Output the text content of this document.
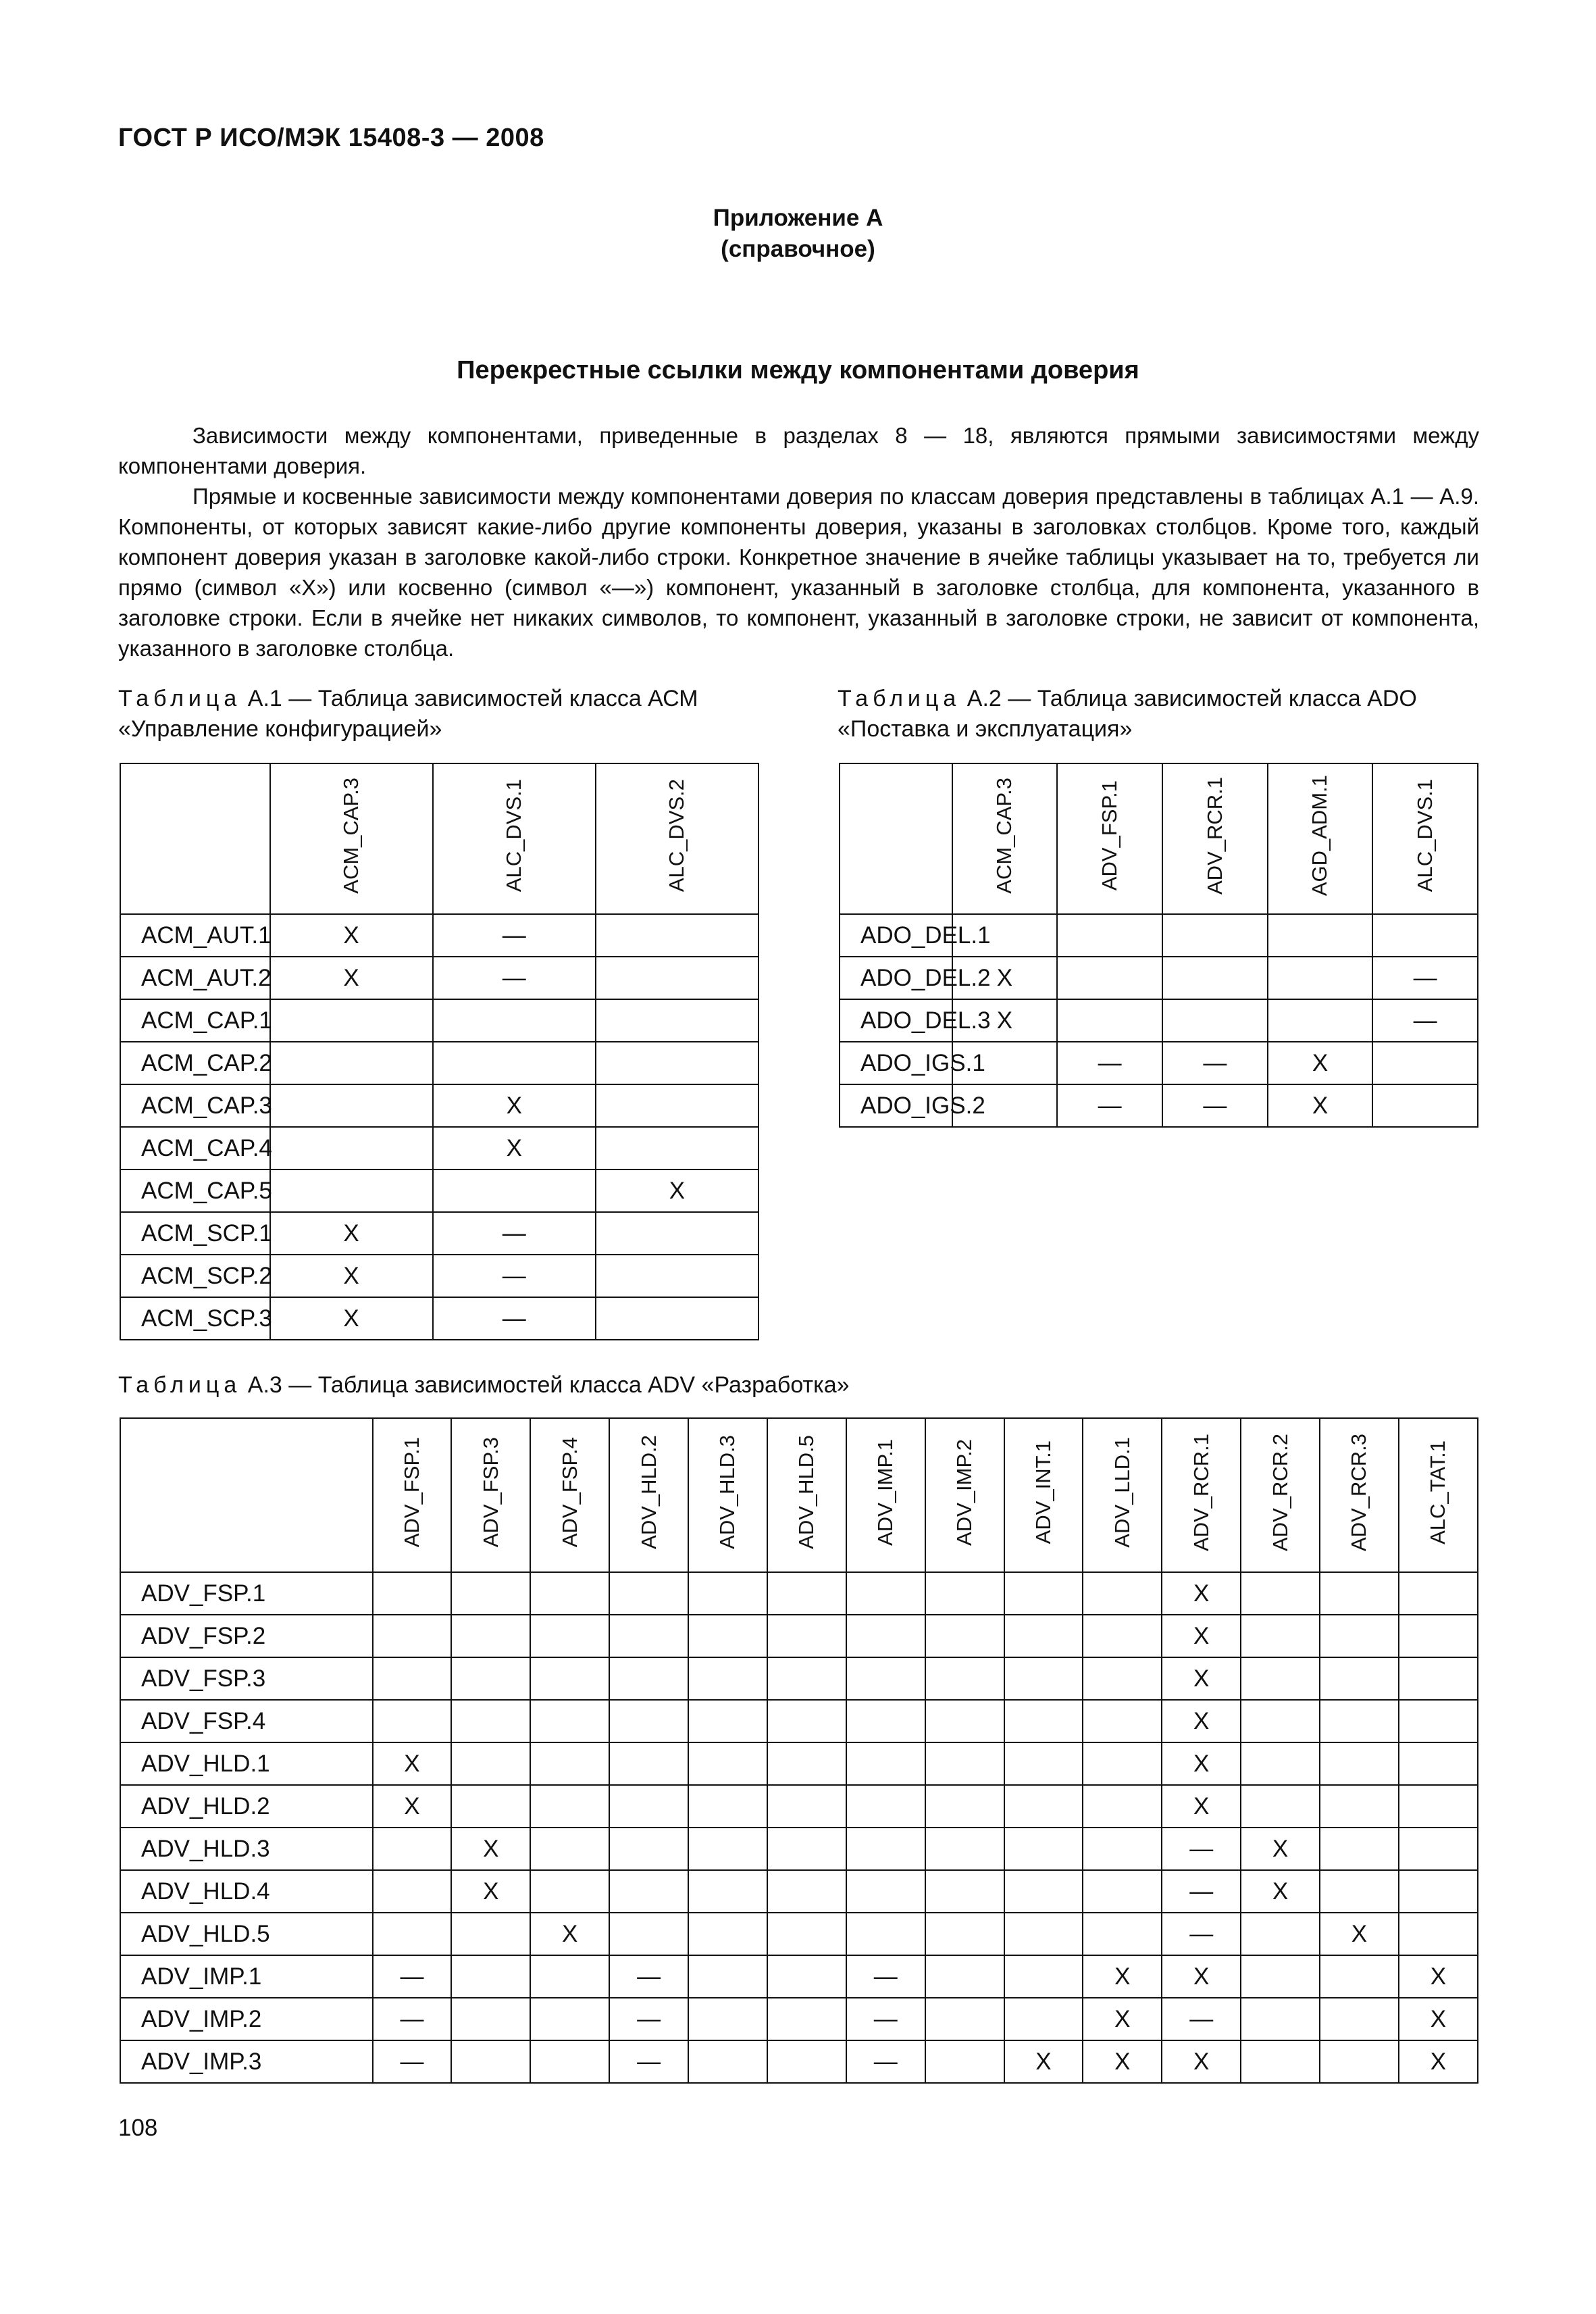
ГОСТ Р ИСО/МЭК 15408-3 — 2008
Приложение А
(справочное)
Перекрестные ссылки между компонентами доверия

Зависимости между компонентами, приведенные в разделах 8 — 18, являются прямыми зависимостями между компонентами доверия.

Прямые и косвенные зависимости между компонентами доверия по классам доверия представлены в таблицах А.1 — А.9. Компоненты, от которых зависят какие-либо другие компоненты доверия, указаны в заголовках столбцов. Кроме того, каждый компонент доверия указан в заголовке какой-либо строки. Конкретное значение в ячейке таблицы указывает на то, требуется ли прямо (символ «X») или косвенно (символ «—») компонент, указанный в заголовке столбца, для компонента, указанного в заголовке строки. Если в ячейке нет никаких символов, то компонент, указанный в заголовке строки, не зависит от компонента, указанного в заголовке столбца.

Таблица А.1 — Таблица зависимостей класса АСМ «Управление конфигурацией»
Таблица А.2 — Таблица зависимостей класса ADO «Поставка и эксплуатация»
	ACM_CAP.3	ALC_DVS.1	ALC_DVS.2
ACM_AUT.1	X	—	
ACM_AUT.2	X	—	
ACM_CAP.1			
ACM_CAP.2			
ACM_CAP.3		X	
ACM_CAP.4		X	
ACM_CAP.5			X
ACM_SCP.1	X	—	
ACM_SCP.2	X	—	
ACM_SCP.3	X	—	
	ACM_CAP.3	ADV_FSP.1	ADV_RCR.1	AGD_ADM.1	ALC_DVS.1
ADO_DEL.1					
ADO_DEL.2	X				—
ADO_DEL.3	X				—
ADO_IGS.1		—	—	X	
ADO_IGS.2		—	—	X	
Таблица А.3 — Таблица зависимостей класса ADV «Разработка»
	ADV_FSP.1	ADV_FSP.3	ADV_FSP.4	ADV_HLD.2	ADV_HLD.3	ADV_HLD.5	ADV_IMP.1	ADV_IMP.2	ADV_INT.1	ADV_LLD.1	ADV_RCR.1	ADV_RCR.2	ADV_RCR.3	ALC_TAT.1
ADV_FSP.1											X			
ADV_FSP.2											X			
ADV_FSP.3											X			
ADV_FSP.4											X			
ADV_HLD.1	X										X			
ADV_HLD.2	X										X			
ADV_HLD.3		X									—	X		
ADV_HLD.4		X									—	X		
ADV_HLD.5			X								—		X	
ADV_IMP.1	—			—			—			X	X			X
ADV_IMP.2	—			—			—			X	—			X
ADV_IMP.3	—			—			—		X	X	X			X
108
